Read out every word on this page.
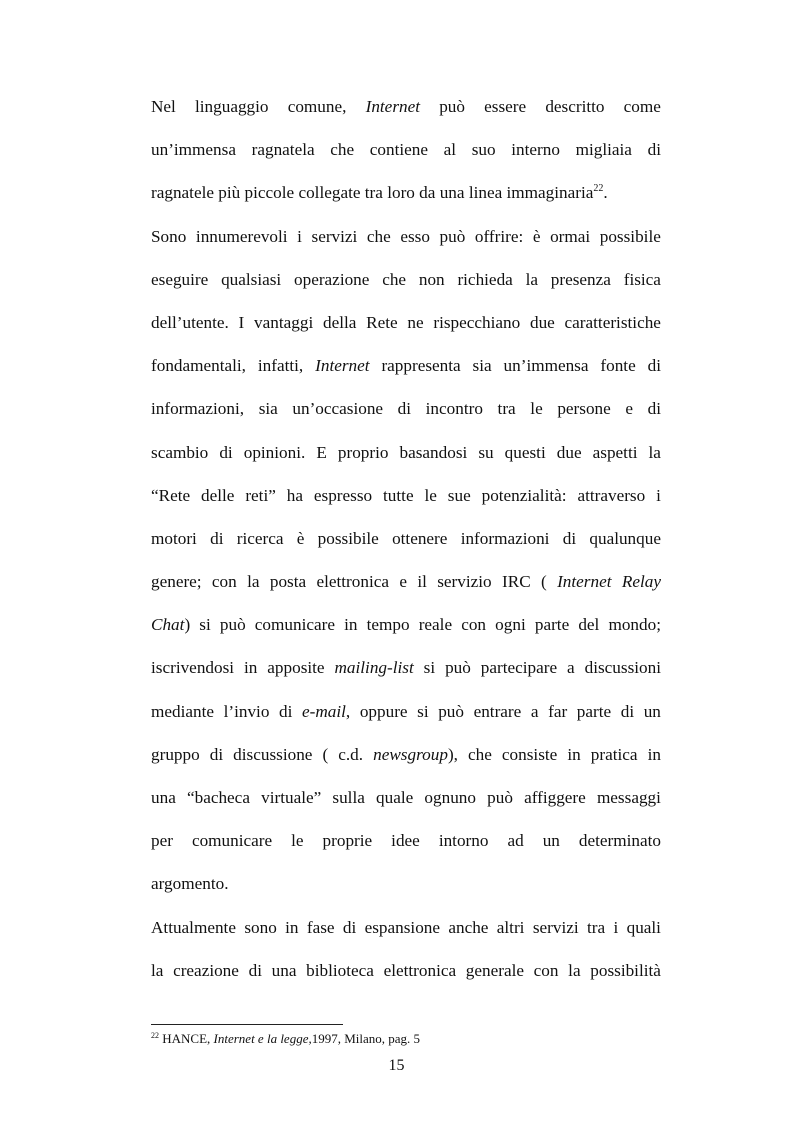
Nel linguaggio comune, Internet può essere descritto come
un’immensa ragnatela che contiene al suo interno migliaia di
ragnatele più piccole collegate tra loro da una linea immaginaria$^{22}$.
Sono innumerevoli i servizi che esso può offrire: è ormai possibile
eseguire qualsiasi operazione che non richieda la presenza fisica
dell’utente. I vantaggi della Rete ne rispecchiano due caratteristiche
fondamentali, infatti, Internet rappresenta sia un’immensa fonte di
informazioni, sia un’occasione di incontro tra le persone e di
scambio di opinioni. E proprio basandosi su questi due aspetti la
“Rete delle reti” ha espresso tutte le sue potenzialità: attraverso i
motori di ricerca è possibile ottenere informazioni di qualunque
genere; con la posta elettronica e il servizio IRC ( Internet Relay
Chat) si può comunicare in tempo reale con ogni parte del mondo;
iscrivendosi in apposite mailing-list si può partecipare a discussioni
mediante l’invio di e-mail, oppure si può entrare a far parte di un
gruppo di discussione ( c.d. newsgroup), che consiste in pratica in
una “bacheca virtuale” sulla quale ognuno può affiggere messaggi
per comunicare le proprie idee intorno ad un determinato
argomento.
Attualmente sono in fase di espansione anche altri servizi tra i quali
la creazione di una biblioteca elettronica generale con la possibilità
$^{22}$ HANCE, Internet e la legge,1997, Milano, pag. 5
15
